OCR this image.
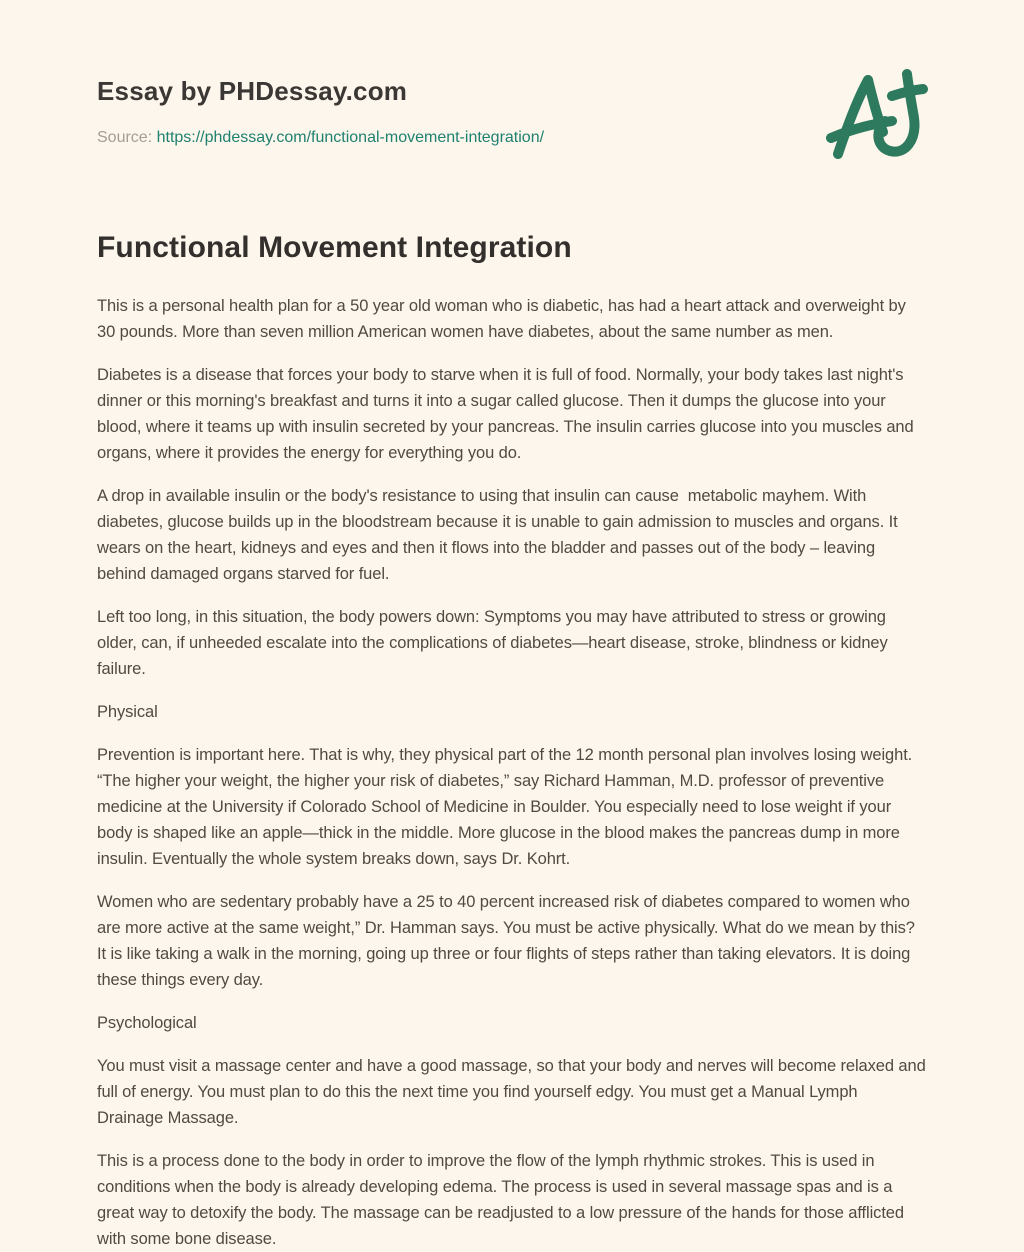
Essay by PHDessay.com
Source: https://phdessay.com/functional-movement-integration/
Functional Movement Integration

This is a personal health plan for a 50 year old woman who is diabetic, has had a heart attack and overweight by 30 pounds. More than seven million American women have diabetes, about the same number as men.

Diabetes is a disease that forces your body to starve when it is full of food. Normally, your body takes last night's dinner or this morning's breakfast and turns it into a sugar called glucose. Then it dumps the glucose into your blood, where it teams up with insulin secreted by your pancreas. The insulin carries glucose into you muscles and organs, where it provides the energy for everything you do.

A drop in available insulin or the body's resistance to using that insulin can cause  metabolic mayhem. With diabetes, glucose builds up in the bloodstream because it is unable to gain admission to muscles and organs. It wears on the heart, kidneys and eyes and then it flows into the bladder and passes out of the body – leaving behind damaged organs starved for fuel.

Left too long, in this situation, the body powers down: Symptoms you may have attributed to stress or growing older, can, if unheeded escalate into the complications of diabetes—heart disease, stroke, blindness or kidney failure.

Physical

Prevention is important here. That is why, they physical part of the 12 month personal plan involves losing weight. “The higher your weight, the higher your risk of diabetes,” say Richard Hamman, M.D. professor of preventive medicine at the University if Colorado School of Medicine in Boulder. You especially need to lose weight if your body is shaped like an apple—thick in the middle. More glucose in the blood makes the pancreas dump in more insulin. Eventually the whole system breaks down, says Dr. Kohrt.

Women who are sedentary probably have a 25 to 40 percent increased risk of diabetes compared to women who are more active at the same weight,” Dr. Hamman says. You must be active physically. What do we mean by this? It is like taking a walk in the morning, going up three or four flights of steps rather than taking elevators. It is doing these things every day.

Psychological

You must visit a massage center and have a good massage, so that your body and nerves will become relaxed and full of energy. You must plan to do this the next time you find yourself edgy. You must get a Manual Lymph Drainage Massage.

This is a process done to the body in order to improve the flow of the lymph rhythmic strokes. This is used in conditions when the body is already developing edema. The process is used in several massage spas and is a great way to detoxify the body. The massage can be readjusted to a low pressure of the hands for those afflicted with some bone disease.
